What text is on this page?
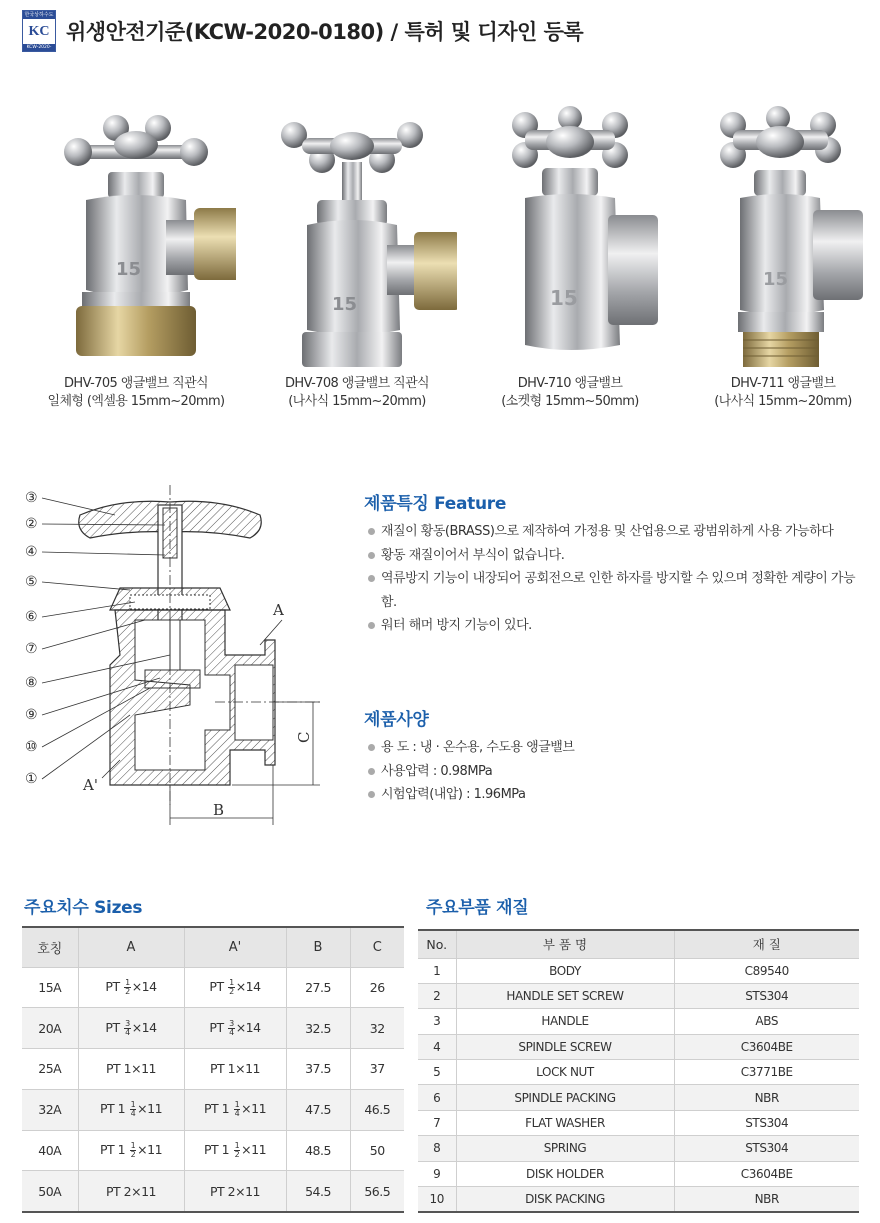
한국상하수도
KC
KCW-2020-
위생안전기준(KCW-2020-0180) / 특허 및 디자인 등록
15
DHV-705 앵글밸브 직관식
일체형 (엑셀용 15mm~20mm)
15
DHV-708 앵글밸브 직관식
(나사식 15mm~20mm)
15
DHV-710 앵글밸브
(소켓형 15mm~50mm)
15
DHV-711 앵글밸브
(나사식 15mm~20mm)
C
B
A
A'
③
②
④
⑤
⑥
⑦
⑧
⑨
⑩
①
제품특징 Feature
재질이 황동(BRASS)으로 제작하여 가정용 및 산업용으로 광범위하게 사용 가능하다
황동 재질이어서 부식이 없습니다.
역류방지 기능이 내장되어 공회전으로 인한 하자를 방지할 수 있으며 정확한 계량이 가능함.
워터 해머 방지 기능이 있다.
제품사양
용 도 : 냉 · 온수용, 수도용 앵글밸브
사용압력 : 0.98MPa
시험압력(내압) : 1.96MPa
주요치수 Sizes
호칭	A	A'	B	C
15A	PT $\frac{1}{2} \times 14$	PT $\frac{1}{2} \times 14$	27.5	26
20A	PT $\frac{3}{4} \times 14$	PT $\frac{3}{4} \times 14$	32.5	32
25A	PT 1×11	PT 1×11	37.5	37
32A	PT $1 \frac{1}{4} \times 11$	PT $1 \frac{1}{4} \times 11$	47.5	46.5
40A	PT $1 \frac{1}{2} \times 11$	PT $1 \frac{1}{2} \times 11$	48.5	50
50A	PT 2×11	PT 2×11	54.5	56.5
주요부품 재질
No.	부 품 명	재 질
1	BODY	C89540
2	HANDLE SET SCREW	STS304
3	HANDLE	ABS
4	SPINDLE SCREW	C3604BE
5	LOCK NUT	C3771BE
6	SPINDLE PACKING	NBR
7	FLAT WASHER	STS304
8	SPRING	STS304
9	DISK HOLDER	C3604BE
10	DISK PACKING	NBR
